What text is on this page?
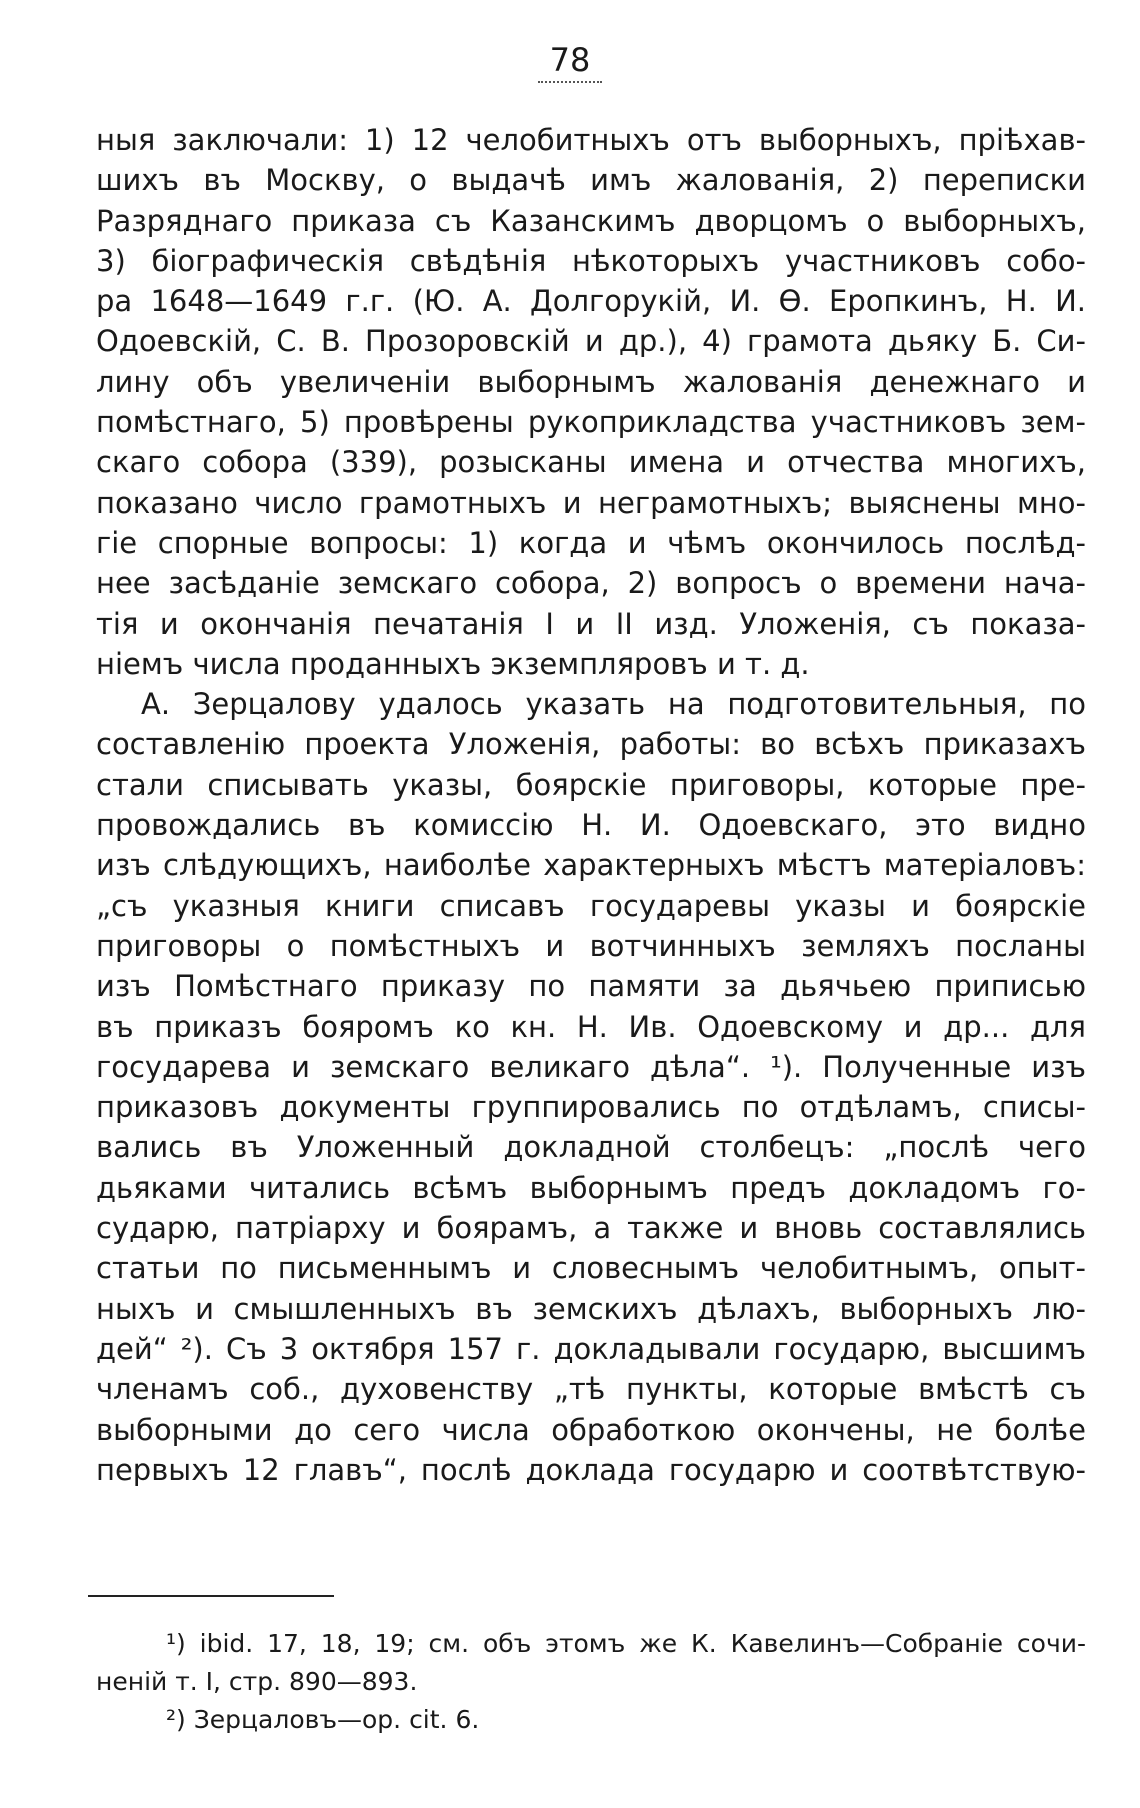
78
ныя заключали: 1) 12 челобитныхъ отъ выборныхъ, прiѣхав-
шихъ въ Москву, о выдачѣ имъ жалованiя, 2) переписки
Разряднаго приказа съ Казанскимъ дворцомъ о выборныхъ,
3) бiографическiя свѣдѣнiя нѣкоторыхъ участниковъ собо-
ра 1648—1649 г.г. (Ю. А. Долгорукiй, И. Ѳ. Еропкинъ, Н. И.
Одоевскiй, С. В. Прозоровскiй и др.), 4) грамота дьяку Б. Си-
лину объ увеличенiи выборнымъ жалованiя денежнаго и
помѣстнаго, 5) провѣрены рукоприкладства участниковъ зем-
скаго собора (339), розысканы имена и отчества многихъ,
показано число грамотныхъ и неграмотныхъ; выяснены мно-
гiе спорные вопросы: 1) когда и чѣмъ окончилось послѣд-
нее засѣданiе земскаго собора, 2) вопросъ о времени нача-
тiя и окончанiя печатанiя I и II изд. Уложенiя, съ показа-
нiемъ числа проданныхъ экземпляровъ и т. д.
А. Зерцалову удалось указать на подготовительныя, по
составленiю проекта Уложенiя, работы: во всѣхъ приказахъ
стали списывать указы, боярскiе приговоры, которые пре-
провождались въ комиссiю Н. И. Одоевскаго, это видно
изъ слѣдующихъ, наиболѣе характерныхъ мѣстъ матерiаловъ:
„съ указныя книги списавъ государевы указы и боярскiе
приговоры о помѣстныхъ и вотчинныхъ земляхъ посланы
изъ Помѣстнаго приказу по памяти за дьячьею приписью
въ приказъ бояромъ ко кн. Н. Ив. Одоевскому и др... для
государева и земскаго великаго дѣла“. ¹). Полученные изъ
приказовъ документы группировались по отдѣламъ, списы-
вались въ Уложенный докладной столбецъ: „послѣ чего
дьяками читались всѣмъ выборнымъ предъ докладомъ го-
сударю, патрiарху и боярамъ, а также и вновь составлялись
статьи по письменнымъ и словеснымъ челобитнымъ, опыт-
ныхъ и смышленныхъ въ земскихъ дѣлахъ, выборныхъ лю-
дей“ ²). Съ 3 октября 157 г. докладывали государю, высшимъ
членамъ соб., духовенству „тѣ пункты, которые вмѣстѣ съ
выборными до сего числа обработкою окончены, не болѣе
первыхъ 12 главъ“, послѣ доклада государю и соотвѣтствую-
¹) ibid. 17, 18, 19; см. объ этомъ же К. Кавелинъ—Собранiе сочи-
ненiй т. I, стр. 890—893.
²) Зерцаловъ—op. cit. 6.
